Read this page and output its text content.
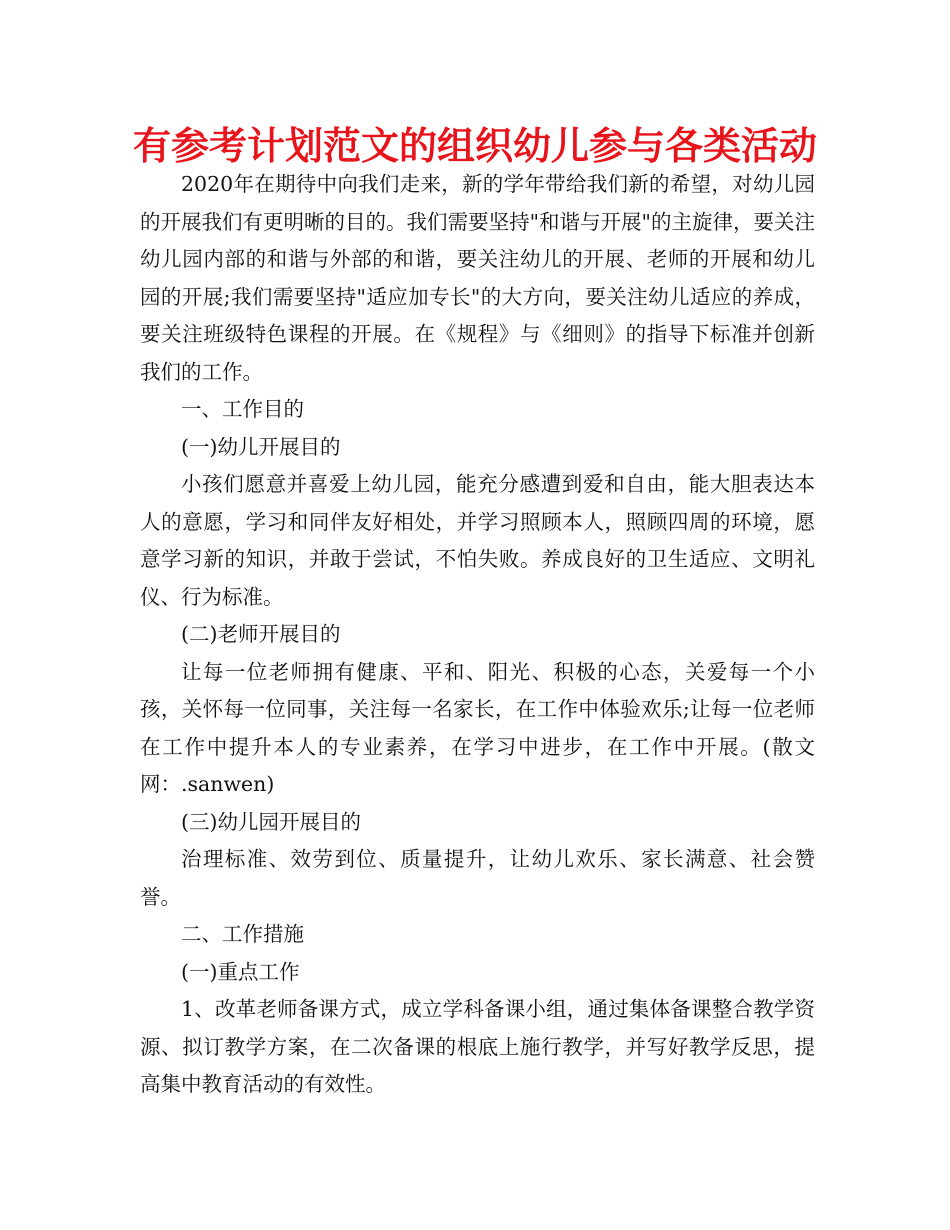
有参考计划范文的组织幼儿参与各类活动

2020年在期待中向我们走来，新的学年带给我们新的希望，对幼儿园的开展我们有更明晰的目的。我们需要坚持"和谐与开展"的主旋律，要关注幼儿园内部的和谐与外部的和谐，要关注幼儿的开展、老师的开展和幼儿园的开展;我们需要坚持"适应加专长"的大方向，要关注幼儿适应的养成，要关注班级特色课程的开展。在《规程》与《细则》的指导下标准并创新我们的工作。

一、工作目的

(一)幼儿开展目的

小孩们愿意并喜爱上幼儿园，能充分感遭到爱和自由，能大胆表达本人的意愿，学习和同伴友好相处，并学习照顾本人，照顾四周的环境，愿意学习新的知识，并敢于尝试，不怕失败。养成良好的卫生适应、文明礼仪、行为标准。

(二)老师开展目的

让每一位老师拥有健康、平和、阳光、积极的心态，关爱每一个小孩，关怀每一位同事，关注每一名家长，在工作中体验欢乐;让每一位老师在工作中提升本人的专业素养，在学习中进步，在工作中开展。(散文网：.sanwen)

(三)幼儿园开展目的

治理标准、效劳到位、质量提升，让幼儿欢乐、家长满意、社会赞誉。

二、工作措施

(一)重点工作

1、改革老师备课方式，成立学科备课小组，通过集体备课整合教学资源、拟订教学方案，在二次备课的根底上施行教学，并写好教学反思，提高集中教育活动的有效性。
